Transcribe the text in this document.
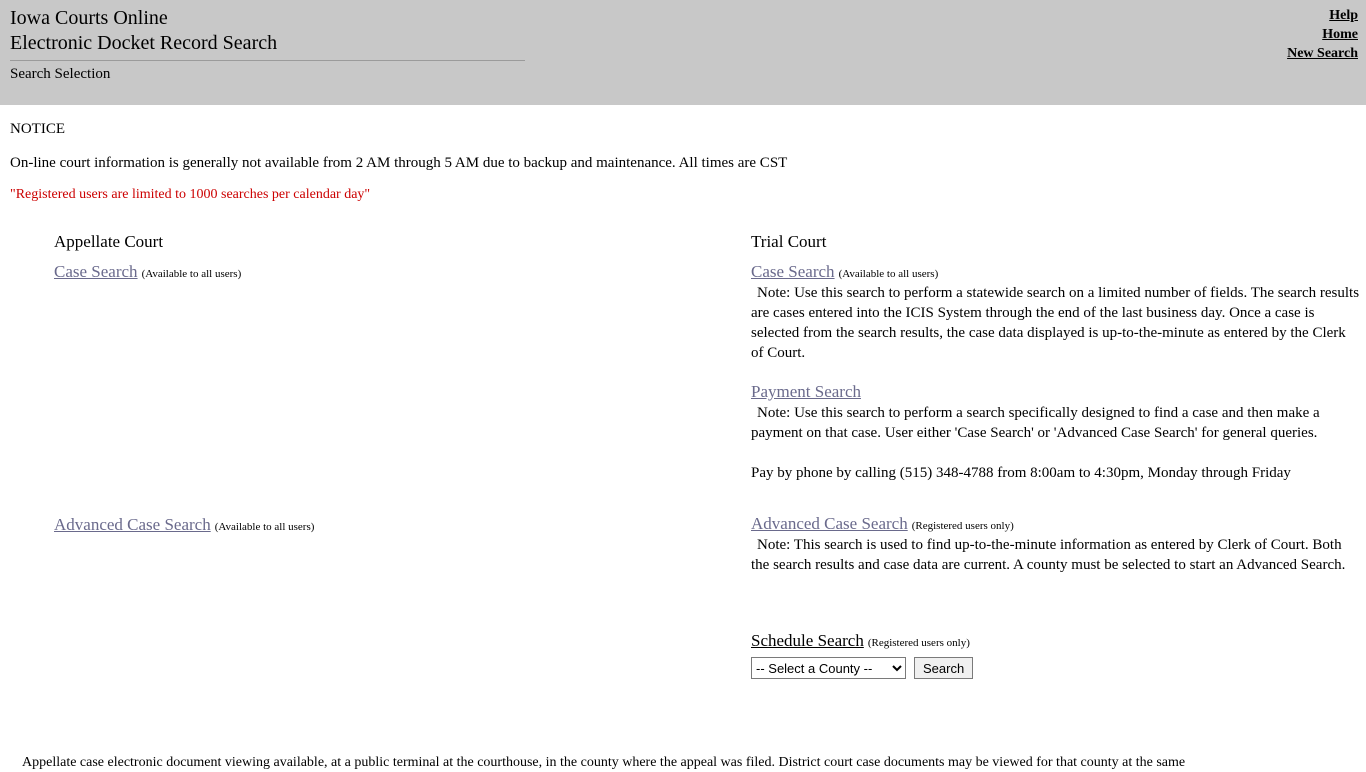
Iowa Courts Online
Electronic Docket Record Search
Search Selection
Help
Home
New Search
NOTICE
On-line court information is generally not available from 2 AM through 5 AM due to backup and maintenance. All times are CST
"Registered users are limited to 1000 searches per calendar day"
Appellate Court
Case Search (Available to all users)
Advanced Case Search (Available to all users)
Trial Court
Case Search (Available to all users)
Note: Use this search to perform a statewide search on a limited number of fields. The search results are cases entered into the ICIS System through the end of the last business day. Once a case is selected from the search results, the case data displayed is up-to-the-minute as entered by the Clerk of Court.
Payment Search
Note: Use this search to perform a search specifically designed to find a case and then make a payment on that case. User either 'Case Search' or 'Advanced Case Search' for general queries.
Pay by phone by calling (515) 348-4788 from 8:00am to 4:30pm, Monday through Friday
Advanced Case Search (Registered users only)
Note: This search is used to find up-to-the-minute information as entered by Clerk of Court. Both the search results and case data are current. A county must be selected to start an Advanced Search.
Schedule Search (Registered users only)
-- Select a County -- Search
Appellate case electronic document viewing available, at a public terminal at the courthouse, in the county where the appeal was filed. District court case documents may be viewed for that county at the same
